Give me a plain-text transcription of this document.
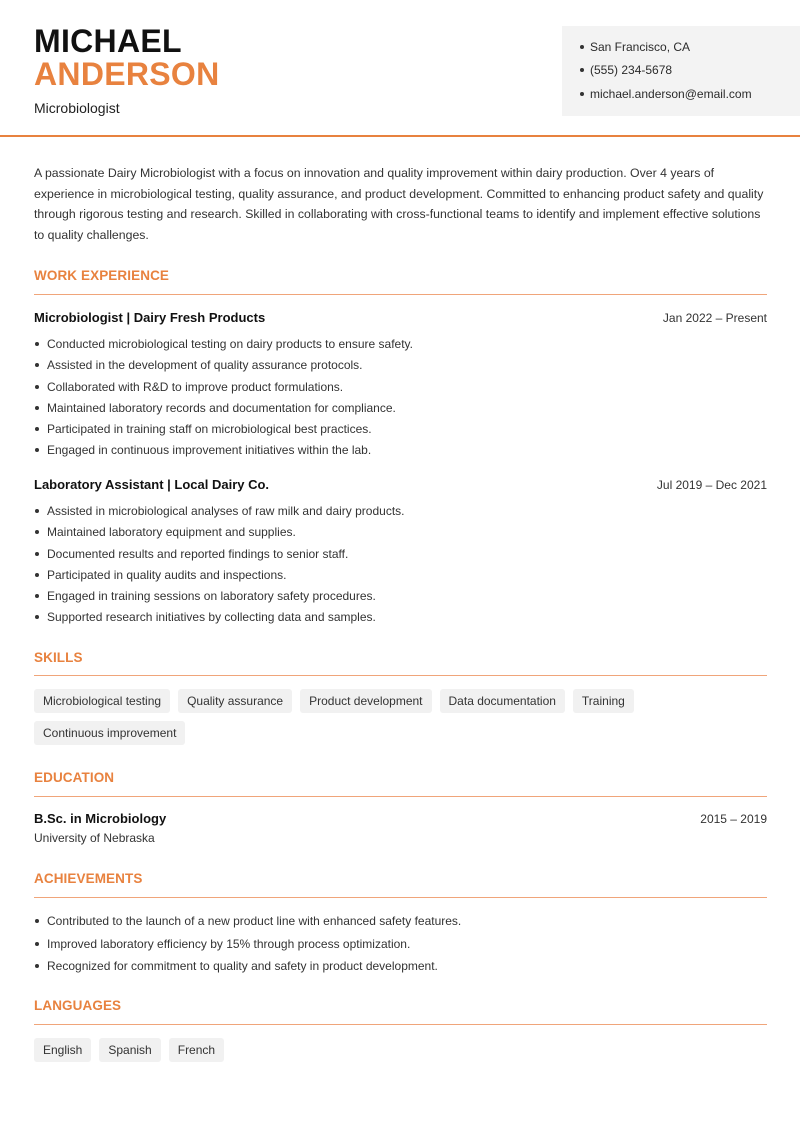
MICHAEL
ANDERSON
Microbiologist
San Francisco, CA
(555) 234-5678
michael.anderson@email.com
A passionate Dairy Microbiologist with a focus on innovation and quality improvement within dairy production. Over 4 years of experience in microbiological testing, quality assurance, and product development. Committed to enhancing product safety and quality through rigorous testing and research. Skilled in collaborating with cross-functional teams to identify and implement effective solutions to quality challenges.
WORK EXPERIENCE
Microbiologist | Dairy Fresh Products	Jan 2022 – Present
Conducted microbiological testing on dairy products to ensure safety.
Assisted in the development of quality assurance protocols.
Collaborated with R&D to improve product formulations.
Maintained laboratory records and documentation for compliance.
Participated in training staff on microbiological best practices.
Engaged in continuous improvement initiatives within the lab.
Laboratory Assistant | Local Dairy Co.	Jul 2019 – Dec 2021
Assisted in microbiological analyses of raw milk and dairy products.
Maintained laboratory equipment and supplies.
Documented results and reported findings to senior staff.
Participated in quality audits and inspections.
Engaged in training sessions on laboratory safety procedures.
Supported research initiatives by collecting data and samples.
SKILLS
Microbiological testing	Quality assurance	Product development	Data documentation	Training
Continuous improvement
EDUCATION
B.Sc. in Microbiology	2015 – 2019
University of Nebraska
ACHIEVEMENTS
Contributed to the launch of a new product line with enhanced safety features.
Improved laboratory efficiency by 15% through process optimization.
Recognized for commitment to quality and safety in product development.
LANGUAGES
English	Spanish	French
